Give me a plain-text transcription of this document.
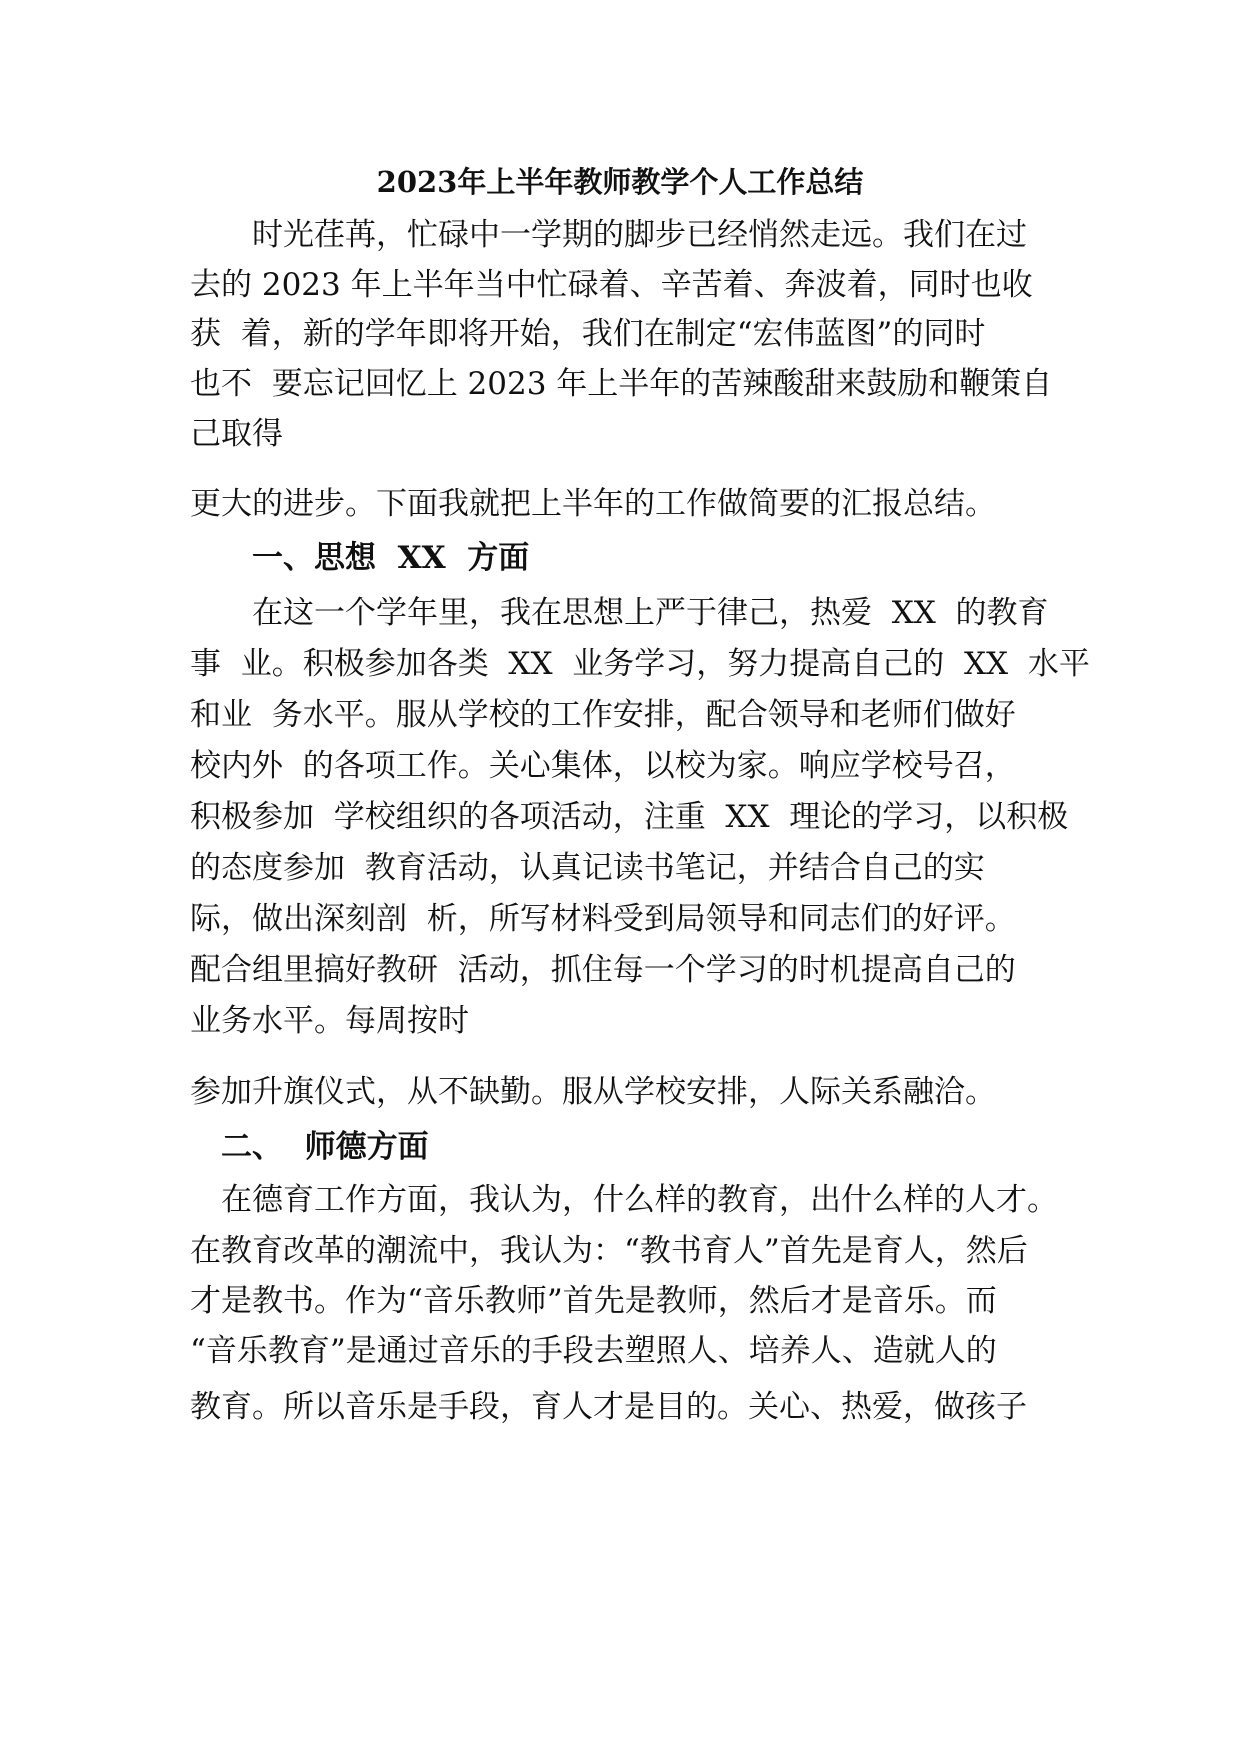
2023年上半年教师教学个人工作总结
　　时光荏苒，忙碌中一学期的脚步已经悄然走远。我们在过
去的 2023 年上半年当中忙碌着、辛苦着、奔波着，同时也收
获  着，新的学年即将开始，我们在制定“宏伟蓝图”的同时
也不  要忘记回忆上 2023 年上半年的苦辣酸甜来鼓励和鞭策自
己取得
更大的进步。下面我就把上半年的工作做简要的汇报总结。
　　一、思想  XX  方面
　　在这一个学年里，我在思想上严于律己，热爱  XX  的教育
事  业。积极参加各类  XX  业务学习，努力提高自己的  XX  水平
和业  务水平。服从学校的工作安排，配合领导和老师们做好
校内外  的各项工作。关心集体，以校为家。响应学校号召，
积极参加  学校组织的各项活动，注重  XX  理论的学习，以积极
的态度参加  教育活动，认真记读书笔记，并结合自己的实
际，做出深刻剖  析，所写材料受到局领导和同志们的好评。
配合组里搞好教研  活动，抓住每一个学习的时机提高自己的
业务水平。每周按时
参加升旗仪式，从不缺勤。服从学校安排，人际关系融洽。
　二、  师德方面
　在德育工作方面，我认为，什么样的教育，出什么样的人才。
在教育改革的潮流中，我认为：“教书育人”首先是育人，然后
才是教书。作为“音乐教师”首先是教师，然后才是音乐。而
“音乐教育”是通过音乐的手段去塑照人、培养人、造就人的
教育。所以音乐是手段，育人才是目的。关心、热爱，做孩子
